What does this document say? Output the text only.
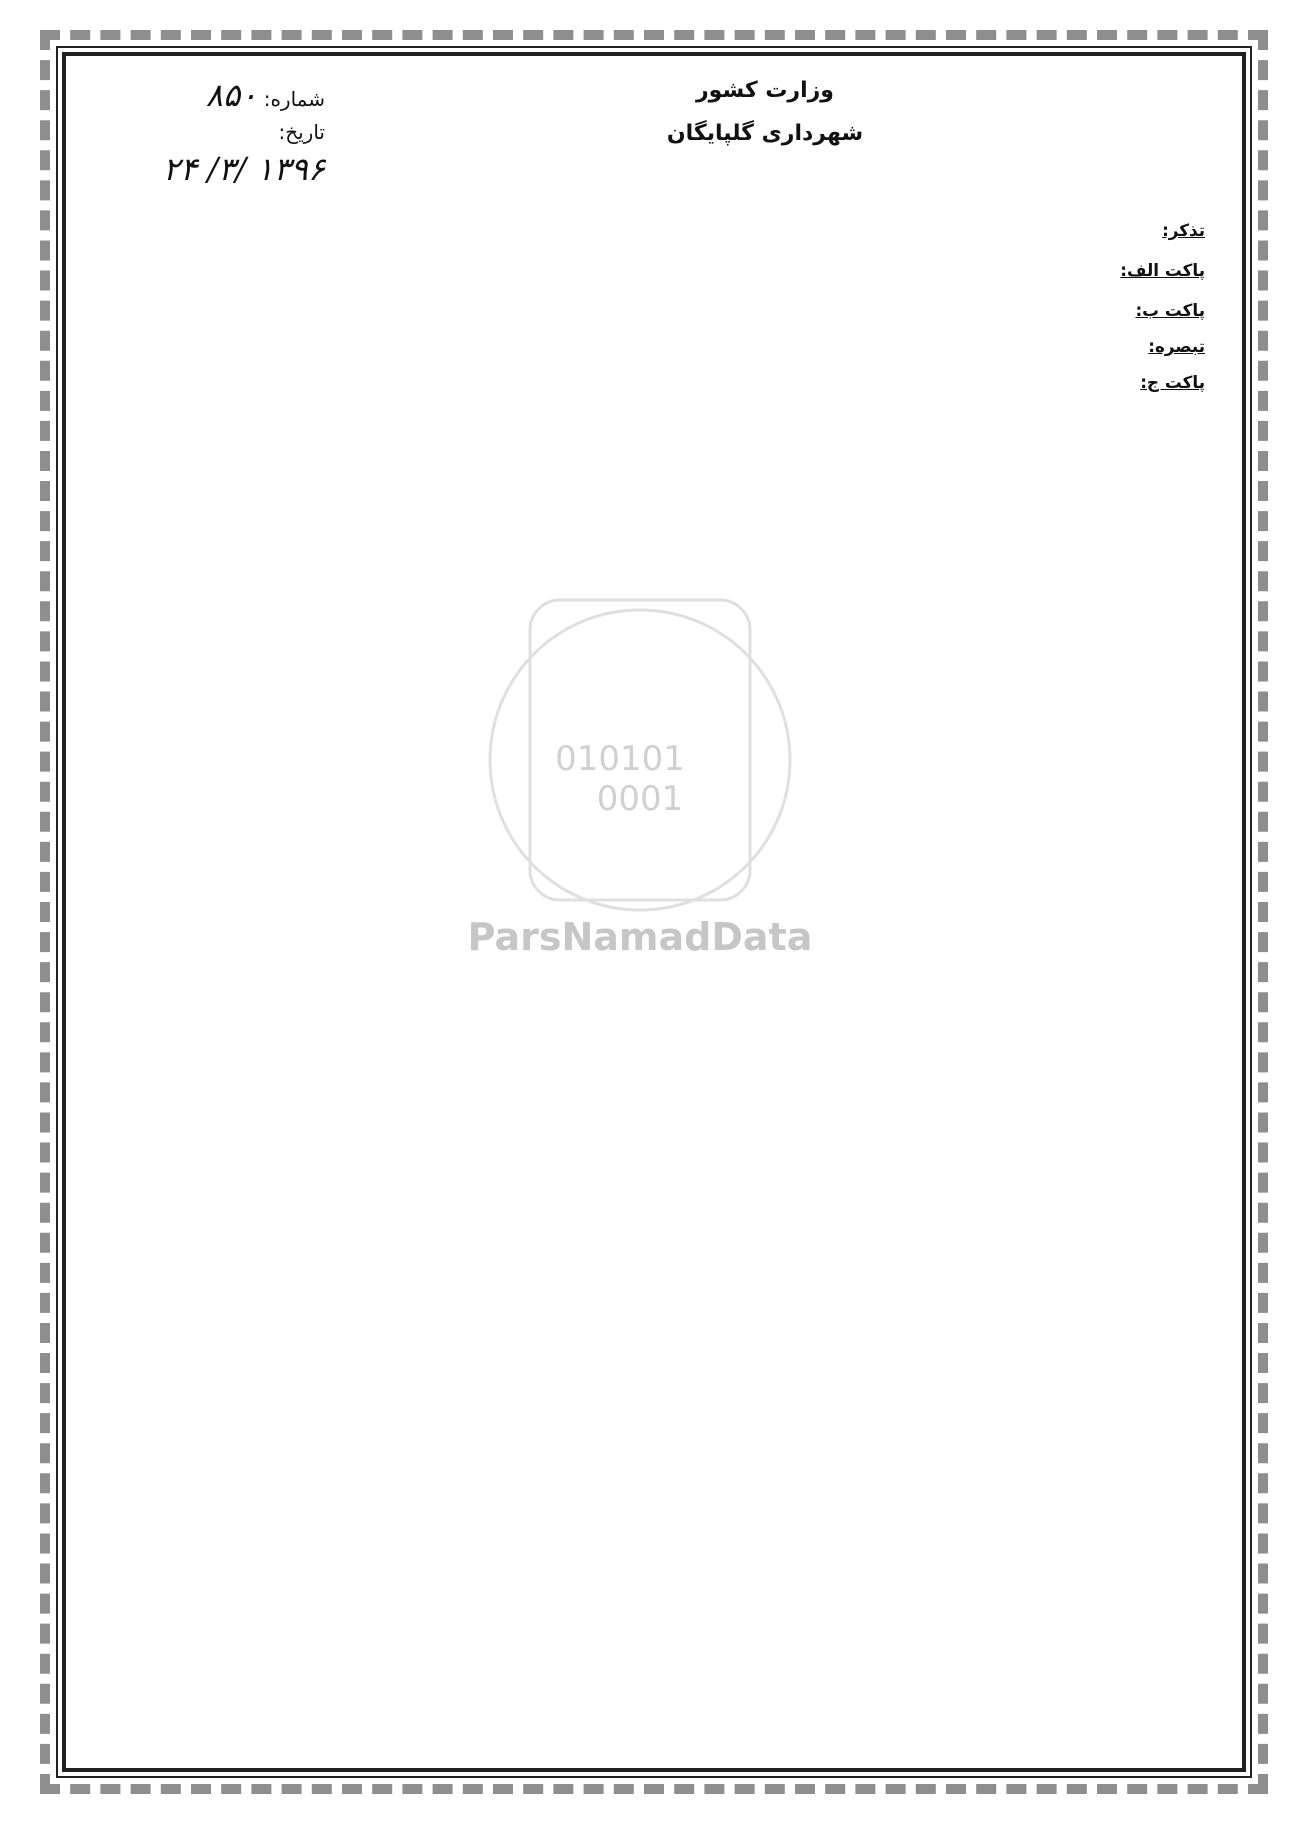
010101
0001
ParsNamadData
وزارت کشور
شهرداری گلپایگان
شماره: ۸۵۰
تاریخ:
۱۳۹۶ /۳/ ۲۴
تذکر:
پاکت الف:
پاکت ب:
تبصره:
پاکت ج:
